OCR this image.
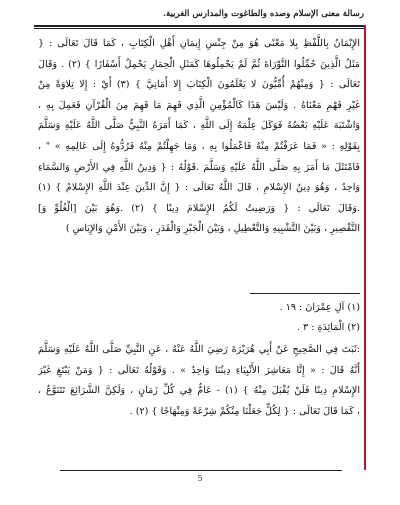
رسالة معنى الإسلام وصده والطاغوت والمدارس الغربية.
الإِيْمَانُ بِاللَّفْظِ بِلا مَعْنًى هُوَ مِنْ جِنْسِ إِيمَانِ أَهْلِ الْكِتَابِ ، كَمَا قَالَ تَعَالَى : {
مَثَلُ الَّذِينَ حُمِّلُوا التَّوْرَاةَ ثُمَّ لَمْ يَحْمِلُوهَا كَمَثَلِ الْحِمَارِ يَحْمِلُ أَسْفَارًا } (٢) . وَقَالَ
تَعَالَى : { وَمِنْهُمْ أُمِّيُّونَ لا يَعْلَمُونَ الْكِتَابَ إِلا أَمَانِيَّ } (٣) أَيْ : إِلا تِلاوَةً مِنْ
غَيْرِ فَهْمِ مَعْنَاهُ . وَلَيْسَ هَذَا كَالْمُؤْمِنِ الَّذِي فَهِمَ مَا فَهِمَ مِنَ الْقُرْآنِ فَعَمِلَ بِهِ ،
وَاشْتَبَهَ عَلَيْهِ بَعْضُهُ فَوَكَلَ عِلْمَهُ إِلَى اللَّهِ ، كَمَا أَمَرَهُ النَّبِيُّ صَلَّى اللَّهُ عَلَيْهِ وَسَلَّمَ
بِقَوْلِهِ : « فَمَا عَرَفْتُمْ مِنْهُ فَاعْمَلُوا بِهِ ، وَمَا جَهِلْتُمْ مِنْهُ فَرُدُّوهُ إِلَى عَالِمِهِ » " ،
فَامْتَثَلَ مَا أَمَرَ بِهِ صَلَّى اللَّهُ عَلَيْهِ وَسَلَّمَ .قَوْلُهُ : { وَدِينُ اللَّهِ فِي الأَرْضِ وَالسَّمَاءِ
وَاحِدٌ ، وَهُوَ دِينُ الإِسْلامِ ، قَالَ اللَّهُ تَعَالَى : { إِنَّ الدِّينَ عِنْدَ اللَّهِ الإِسْلامُ } (١)
.وَقَالَ تَعَالَى : { وَرَضِيتُ لَكُمُ الإِسْلامَ دِينًا } (٢) .وَهُوَ بَيْنَ [الْغُلُوِّ وَ]
التَّقْصِيرِ ، وَبَيْنَ التَّشْبِيهِ وَالتَّعْطِيلِ ، وَبَيْنَ الْجَبْرِ وَالْقَدَرِ ، وَبَيْنَ الأَمْنِ وَالإِيَاسِ )
(١) آلِ عِمْرَانَ : ١٩ .
(٢) الْمَائِدَةِ : ٣ .
:ثَبَتَ فِي الصَّحِيحِ عَنْ أَبِي هُرَيْرَةَ رَضِيَ اللَّهُ عَنْهُ ، عَنِ النَّبِيِّ صَلَّى اللَّهُ عَلَيْهِ وَسَلَّمَ
أَنَّهُ قَالَ : « إِنَّا مَعَاشِرَ الأَنْبِيَاءِ دِينُنَا وَاحِدٌ » . وَقَوْلُهُ تَعَالَى : { وَمَنْ يَبْتَغِ غَيْرَ
الإِسْلامِ دِينًا فَلَنْ يُقْبَلَ مِنْهُ } (١) - عَامٌّ فِي كُلِّ زَمَانٍ ، وَلَكِنَّ الشَّرَائِعَ تَتَنَوَّعُ ،
، كَمَا قَالَ تَعَالَى : { لِكُلٍّ جَعَلْنَا مِنْكُمْ شِرْعَةً وَمِنْهَاجًا } (٢) .
5
